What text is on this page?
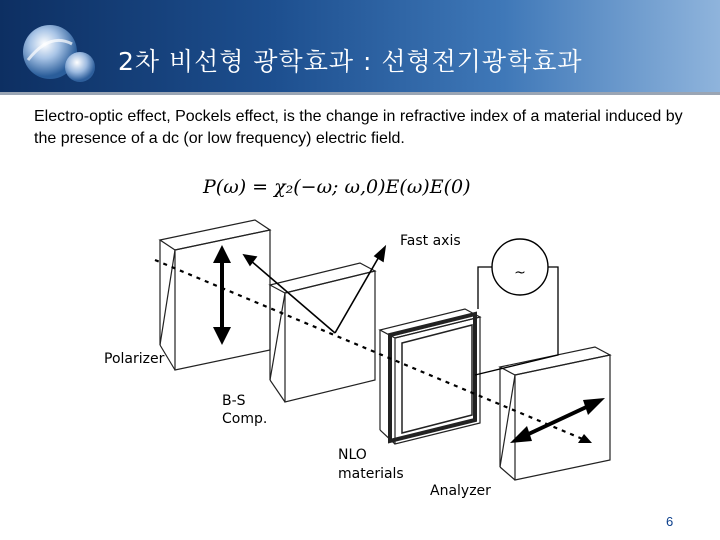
2차 비선형 광학효과 : 선형전기광학효과
Electro-optic effect, Pockels effect, is the change in refractive index of a material induced by the presence of a dc (or low frequency) electric field.
P(ω) = χ₂(−ω; ω,0)E(ω)E(0)
~
Fast axis
Polarizer
B-S
Comp.
NLO
materials
Analyzer
6
